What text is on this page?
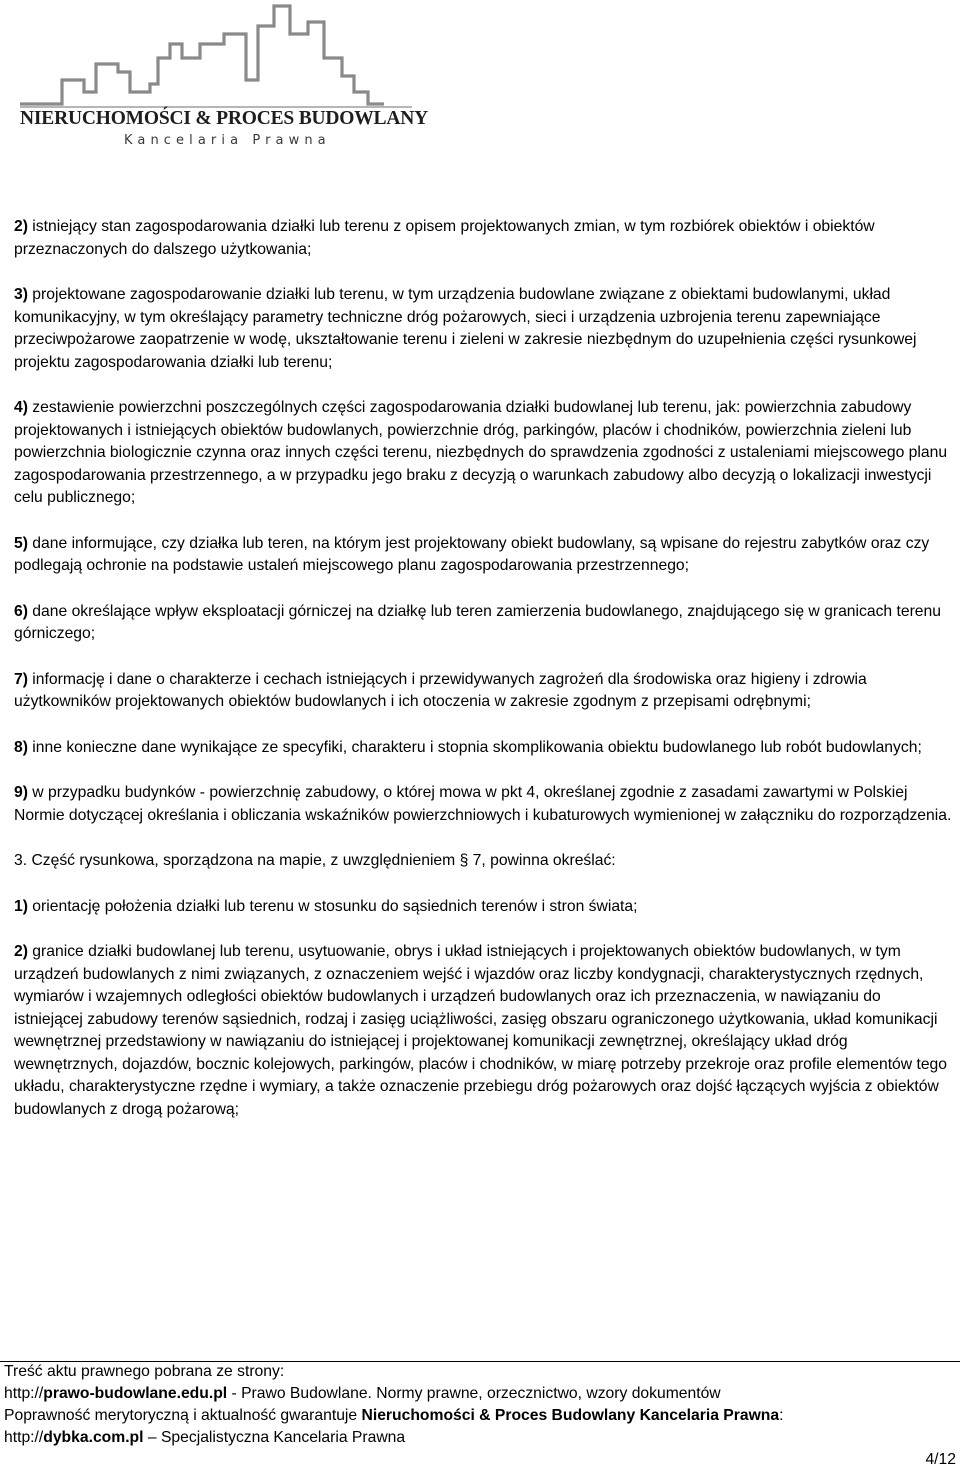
NIERUCHOMOŚCI & PROCES BUDOWLANY
Kancelaria Prawna

2) istniejący stan zagospodarowania działki lub terenu z opisem projektowanych zmian, w tym rozbiórek obiektów i obiektów przeznaczonych do dalszego użytkowania;

3) projektowane zagospodarowanie działki lub terenu, w tym urządzenia budowlane związane z obiektami budowlanymi, układ komunikacyjny, w tym określający parametry techniczne dróg pożarowych, sieci i urządzenia uzbrojenia terenu zapewniające przeciwpożarowe zaopatrzenie w wodę, ukształtowanie terenu i zieleni w zakresie niezbędnym do uzupełnienia części rysunkowej projektu zagospodarowania działki lub terenu;

4) zestawienie powierzchni poszczególnych części zagospodarowania działki budowlanej lub terenu, jak: powierzchnia zabudowy projektowanych i istniejących obiektów budowlanych, powierzchnie dróg, parkingów, placów i chodników, powierzchnia zieleni lub powierzchnia biologicznie czynna oraz innych części terenu, niezbędnych do sprawdzenia zgodności z ustaleniami miejscowego planu zagospodarowania przestrzennego, a w przypadku jego braku z decyzją o warunkach zabudowy albo decyzją o lokalizacji inwestycji celu publicznego;

5) dane informujące, czy działka lub teren, na którym jest projektowany obiekt budowlany, są wpisane do rejestru zabytków oraz czy podlegają ochronie na podstawie ustaleń miejscowego planu zagospodarowania przestrzennego;

6) dane określające wpływ eksploatacji górniczej na działkę lub teren zamierzenia budowlanego, znajdującego się w granicach terenu górniczego;

7) informację i dane o charakterze i cechach istniejących i przewidywanych zagrożeń dla środowiska oraz higieny i zdrowia użytkowników projektowanych obiektów budowlanych i ich otoczenia w zakresie zgodnym z przepisami odrębnymi;

8) inne konieczne dane wynikające ze specyfiki, charakteru i stopnia skomplikowania obiektu budowlanego lub robót budowlanych;

9) w przypadku budynków - powierzchnię zabudowy, o której mowa w pkt 4, określanej zgodnie z zasadami zawartymi w Polskiej Normie dotyczącej określania i obliczania wskaźników powierzchniowych i kubaturowych wymienionej w załączniku do rozporządzenia.

3. Część rysunkowa, sporządzona na mapie, z uwzględnieniem § 7, powinna określać:

1) orientację położenia działki lub terenu w stosunku do sąsiednich terenów i stron świata;

2) granice działki budowlanej lub terenu, usytuowanie, obrys i układ istniejących i projektowanych obiektów budowlanych, w tym urządzeń budowlanych z nimi związanych, z oznaczeniem wejść i wjazdów oraz liczby kondygnacji, charakterystycznych rzędnych, wymiarów i wzajemnych odległości obiektów budowlanych i urządzeń budowlanych oraz ich przeznaczenia, w nawiązaniu do istniejącej zabudowy terenów sąsiednich, rodzaj i zasięg uciążliwości, zasięg obszaru ograniczonego użytkowania, układ komunikacji wewnętrznej przedstawiony w nawiązaniu do istniejącej i projektowanej komunikacji zewnętrznej, określający układ dróg wewnętrznych, dojazdów, bocznic kolejowych, parkingów, placów i chodników, w miarę potrzeby przekroje oraz profile elementów tego układu, charakterystyczne rzędne i wymiary, a także oznaczenie przebiegu dróg pożarowych oraz dojść łączących wyjścia z obiektów budowlanych z drogą pożarową;

Treść aktu prawnego pobrana ze strony:
http://prawo-budowlane.edu.pl - Prawo Budowlane. Normy prawne, orzecznictwo, wzory dokumentów
Poprawność merytoryczną i aktualność gwarantuje Nieruchomości & Proces Budowlany Kancelaria Prawna:
http://dybka.com.pl – Specjalistyczna Kancelaria Prawna
4/12
